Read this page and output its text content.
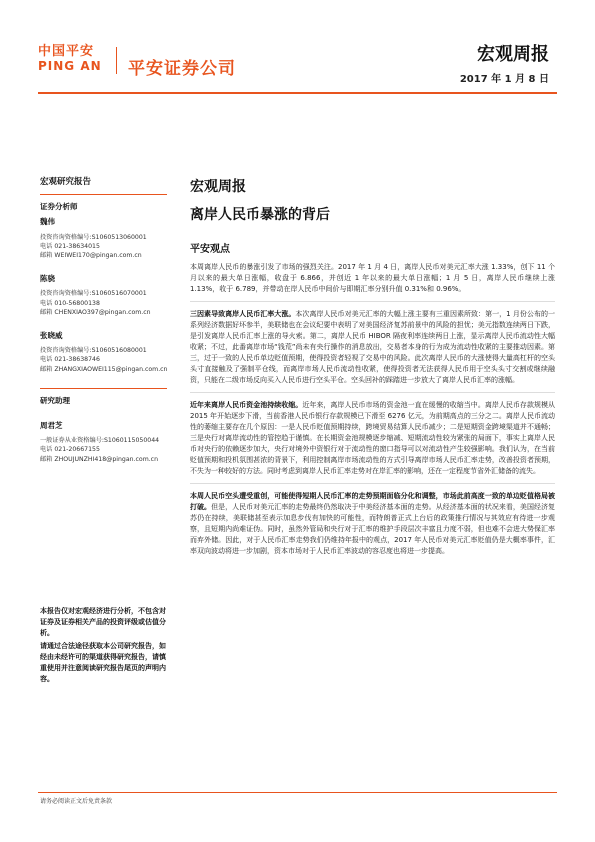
中国平安
PING AN 平安证券公司
宏观周报
2017 年 1 月 8 日
宏观研究报告
证券分析师
魏伟
投资咨询资格编号:S1060513060001
电话 021-38634015
邮箱 WEIWEI170@pingan.com.cn
陈骁
投资咨询资格编号:S1060516070001
电话 010-56800138
邮箱 CHENXIAO397@pingan.com.cn
张晓威
投资咨询资格编号:S1060516080001
电话 021-38638746
邮箱 ZHANGXIAOWEI115@pingan.com.cn
研究助理
周君芝
一般证券从业资格编号:S1060115050044
电话 021-20667155
邮箱 ZHOUJUNZHI418@pingan.com.cn

本报告仅对宏观经济进行分析，不包含对证券及证券相关产品的投资评级或估值分析。

请通过合法途径获取本公司研究报告，如经由未经许可的渠道获得研究报告，请慎重使用并注意阅读研究报告尾页的声明内容。

宏观周报
离岸人民币暴涨的背后
平安观点

本周离岸人民币的暴涨引发了市场的强烈关注。2017 年 1 月 4 日，离岸人民币对美元汇率大涨 1.33%，创下 11 个月以来的最大单日涨幅，收盘于 6.866，并创近 1 年以来的最大单日涨幅；1 月 5 日，离岸人民币继续上涨 1.13%，收于 6.789，并带动在岸人民币中间价与即期汇率分别升值 0.31%和 0.96%。

三因素导致离岸人民币汇率大涨。本次离岸人民币对美元汇率的大幅上涨主要有三重因素所致：第一，1 月份公布的一系列经济数据好坏参半，美联储也在会议纪要中表明了对美国经济复苏前景中的风险的担忧；美元指数连续两日下跌，是引发离岸人民币汇率上涨的导火索。第二，离岸人民币 HIBOR 隔夜利率连续两日上涨，显示离岸人民币流动性大幅收紧；不过，此番离岸市场“钱荒”尚未有央行操作的消息放出，交易者本身的行为成为流动性收紧的主要推动因素。第三，过于一致的人民币单边贬值预期，使得投资者轻视了交易中的风险。此次离岸人民币的大涨使得大量高杠杆的空头头寸直接触及了强制平仓线，而离岸市场人民币流动性收紧，使得投资者无法获得人民币用于空头头寸交割或继续融资，只能在二级市场反向买入人民币进行空头平仓。空头回补的踩踏进一步放大了离岸人民币汇率的涨幅。

近年来离岸人民币资金池持续收缩。近年来，离岸人民币市场的资金池一直在缓慢的收缩当中。离岸人民币存款规模从 2015 年开始逐步下滑，当前香港人民币银行存款规模已下滑至 6276 亿元，为前期高点的三分之二。离岸人民币流动性的萎缩主要存在几个原因：一是人民币贬值预期持续，跨境贸易结算人民币减少；二是短期资金跨境渠道并不通畅；三是央行对离岸流动性的管控趋于谨慎。在长期资金池规模逐步缩减、短期流动性较为紧张的局面下，事实上离岸人民币对央行的依赖逐步加大，央行对境外中资银行对于流动性的窗口指导可以对流动性产生较强影响。我们认为，在当前贬值预期和投机氛围甚浓的背景下，利用控制离岸市场流动性的方式引导离岸市场人民币汇率走势，改善投资者预期，不失为一种较好的方法。同时考虑到离岸人民币汇率走势对在岸汇率的影响，还在一定程度节省外汇储备的流失。

本周人民币空头遭受重创，可能使得短期人民币汇率的走势预期面临分化和调整，市场此前高度一致的单边贬值格局被打破。但是，人民币对美元汇率的走势最终仍然取决于中美经济基本面的走势。从经济基本面的状况来看，美国经济复苏仍在持续，美联储甚至表示加息步伐有加快的可能性，而特朗普正式上台后的政策推行情况与其效应有待进一步观察，且短期内尚难证伪。同时，虽然外管局和央行对于汇率的维护手段层次丰富且力度不弱，但也难不会进大势保汇率而弃外储。因此，对于人民币汇率走势我们仍维持年报中的观点，2017 年人民币对美元汇率贬值仍是大概率事件，汇率双向波动将进一步加剧，资本市场对于人民币汇率波动的容忍度也将进一步提高。

请务必阅读正文后免责条款
